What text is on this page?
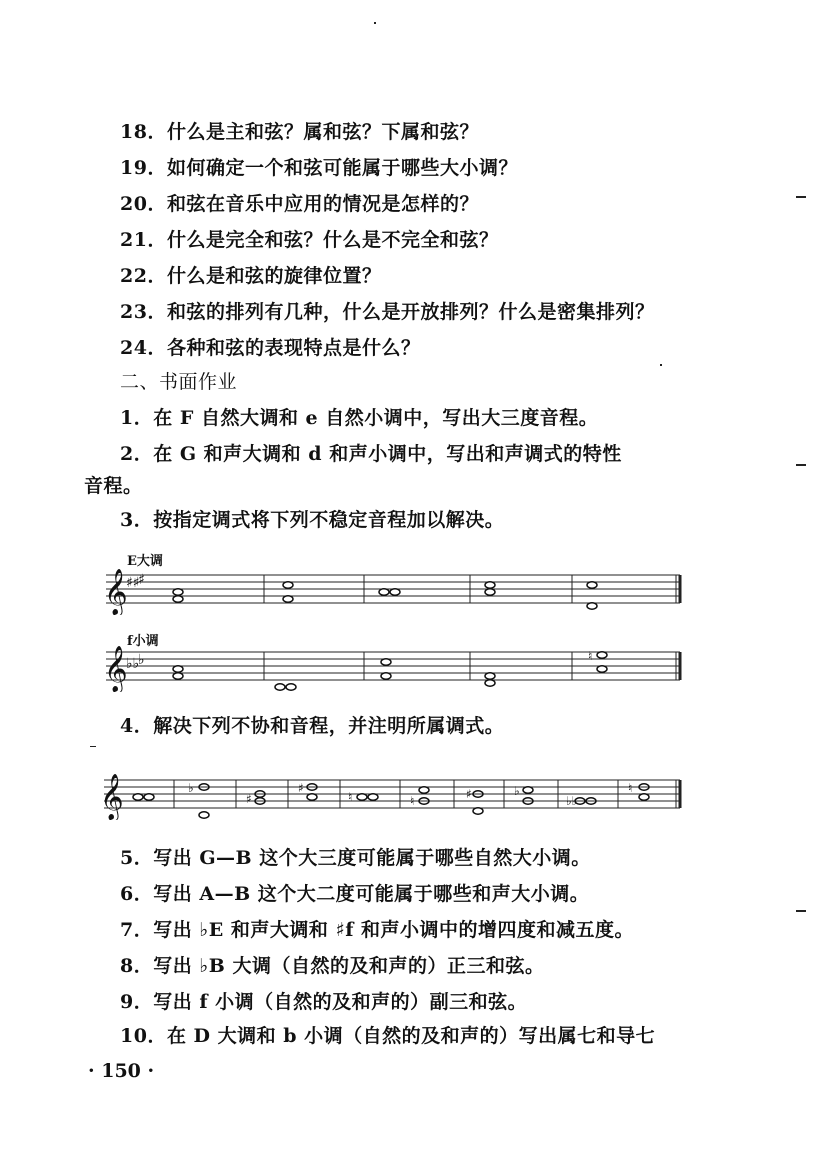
18．什么是主和弦？属和弦？下属和弦？
19．如何确定一个和弦可能属于哪些大小调？
20．和弦在音乐中应用的情况是怎样的？
21．什么是完全和弦？什么是不完全和弦？
22．什么是和弦的旋律位置？
23．和弦的排列有几种，什么是开放排列？什么是密集排列？
24．各种和弦的表现特点是什么？
二、书面作业
1．在 F 自然大调和 e 自然小调中，写出大三度音程。
2．在 G 和声大调和 d 和声小调中，写出和声调式的特性
音程。
3．按指定调式将下列不稳定音程加以解决。
E大调
𝄞
♯♯
♯
f小调
𝄞
♭♭
♭	♮
4．解决下列不协和音程，并注明所属调式。
𝄞	♭
♯
♯
♮	♮	♯	♭
♭♭
♮
5．写出 G—B 这个大三度可能属于哪些自然大小调。
6．写出 A—B 这个大二度可能属于哪些和声大小调。
7．写出 ♭E 和声大调和 ♯f 和声小调中的增四度和减五度。
8．写出 ♭B 大调（自然的及和声的）正三和弦。
9．写出 f 小调（自然的及和声的）副三和弦。
10．在 D 大调和 b 小调（自然的及和声的）写出属七和导七
· 150 ·
